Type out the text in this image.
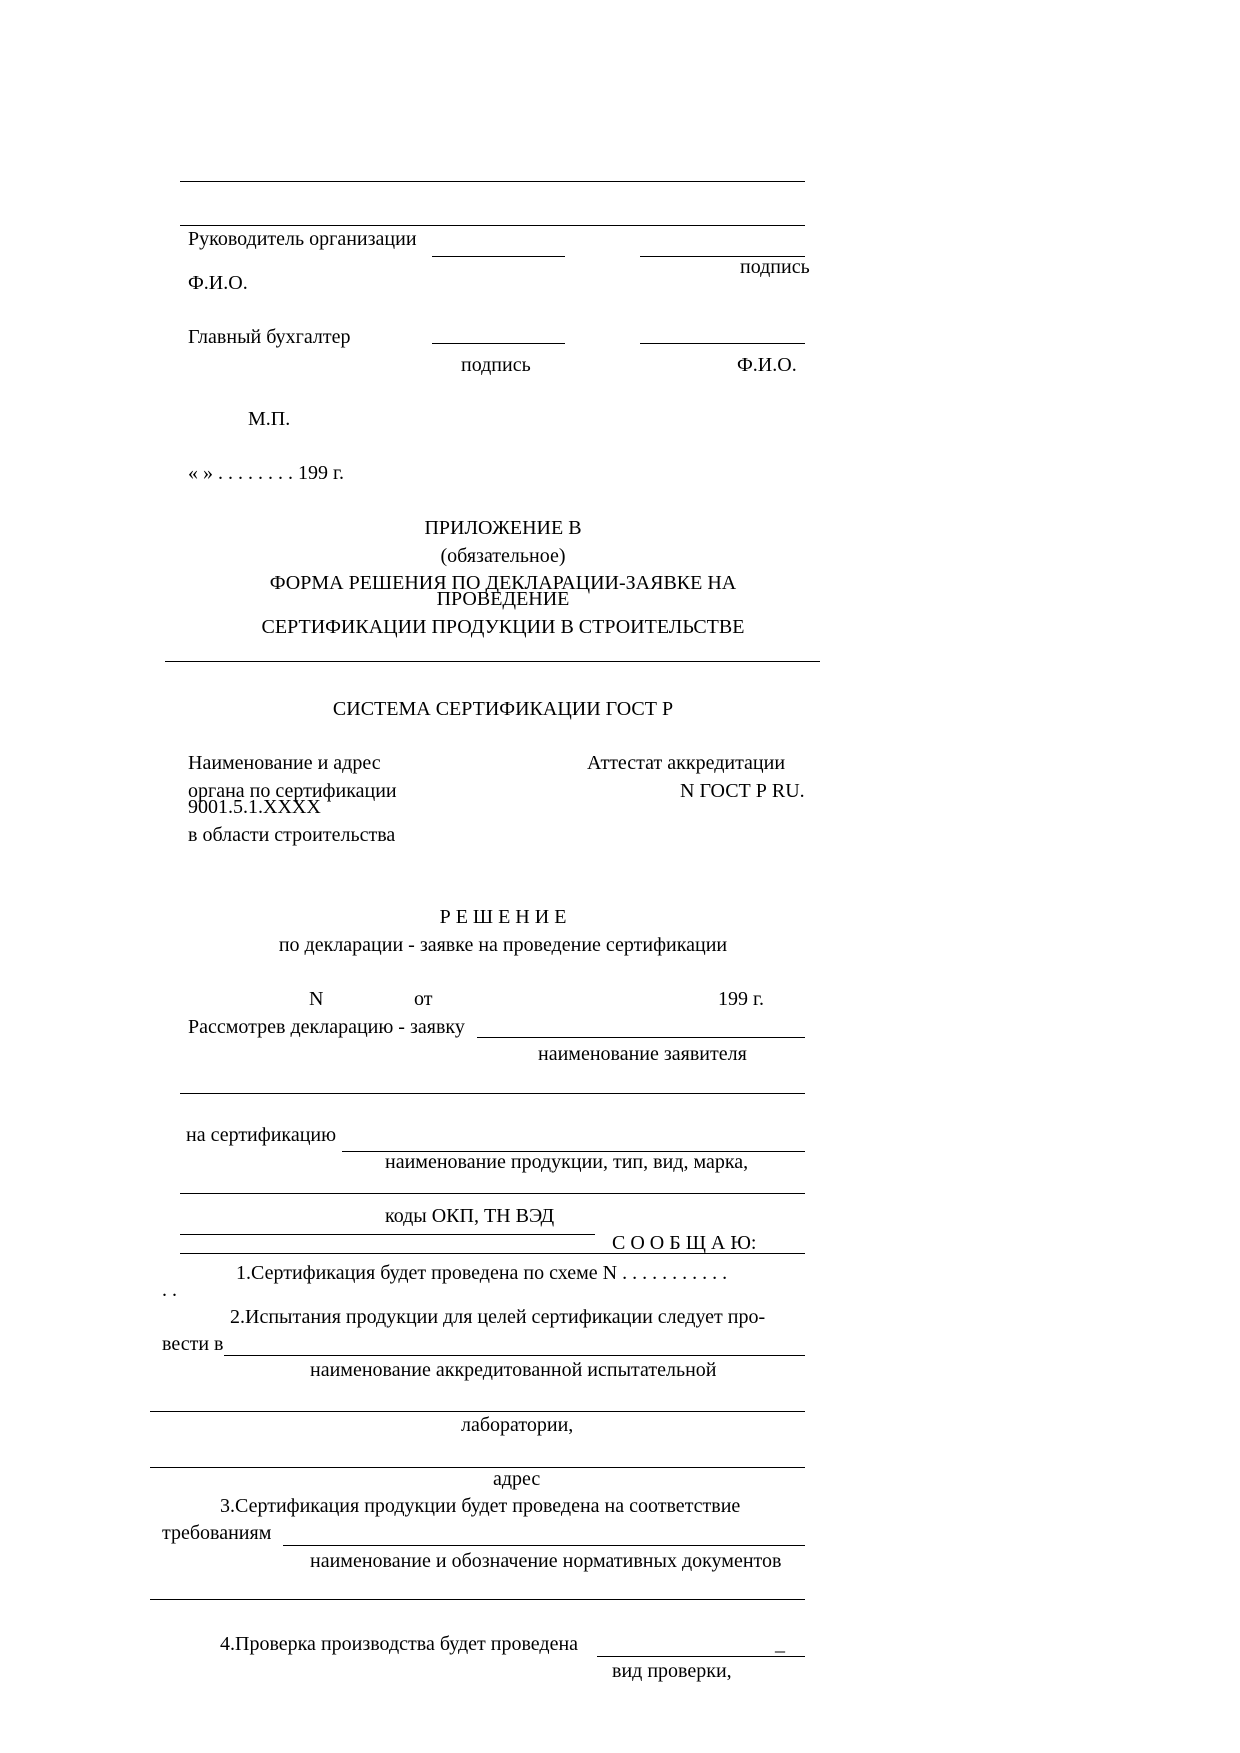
Руководитель организации
подпись
Ф.И.О.
Главный бухгалтер
подпись	Ф.И.О.
М.П.
« » . . . . . . . . 199 г.
ПРИЛОЖЕНИЕ В
(обязательное)
ФОРМА РЕШЕНИЯ ПО ДЕКЛАРАЦИИ-ЗАЯВКЕ НА
ПРОВЕДЕНИЕ
СЕРТИФИКАЦИИ ПРОДУКЦИИ В СТРОИТЕЛЬСТВЕ
СИСТЕМА СЕРТИФИКАЦИИ ГОСТ Р
Наименование и адрес	Аттестат аккредитации
органа по сертификации	N ГОСТ Р RU.
9001.5.1.XXXX
в области строительства
Р Е Ш Е Н И Е
по декларации - заявке на проведение сертификации
N	от	199 г.
Рассмотрев декларацию - заявку
наименование заявителя
на сертификацию
наименование продукции, тип, вид, марка,
коды ОКП, ТН ВЭД
С О О Б Щ А Ю:
1.Сертификация будет проведена по схеме N . . . . . . . . . . .
. .
2.Испытания продукции для целей сертификации следует про-
вести в
наименование аккредитованной испытательной
лаборатории,
адрес
3.Сертификация продукции будет проведена на соответствие
требованиям
наименование и обозначение нормативных документов
4.Проверка производства будет проведена	_
вид проверки,
